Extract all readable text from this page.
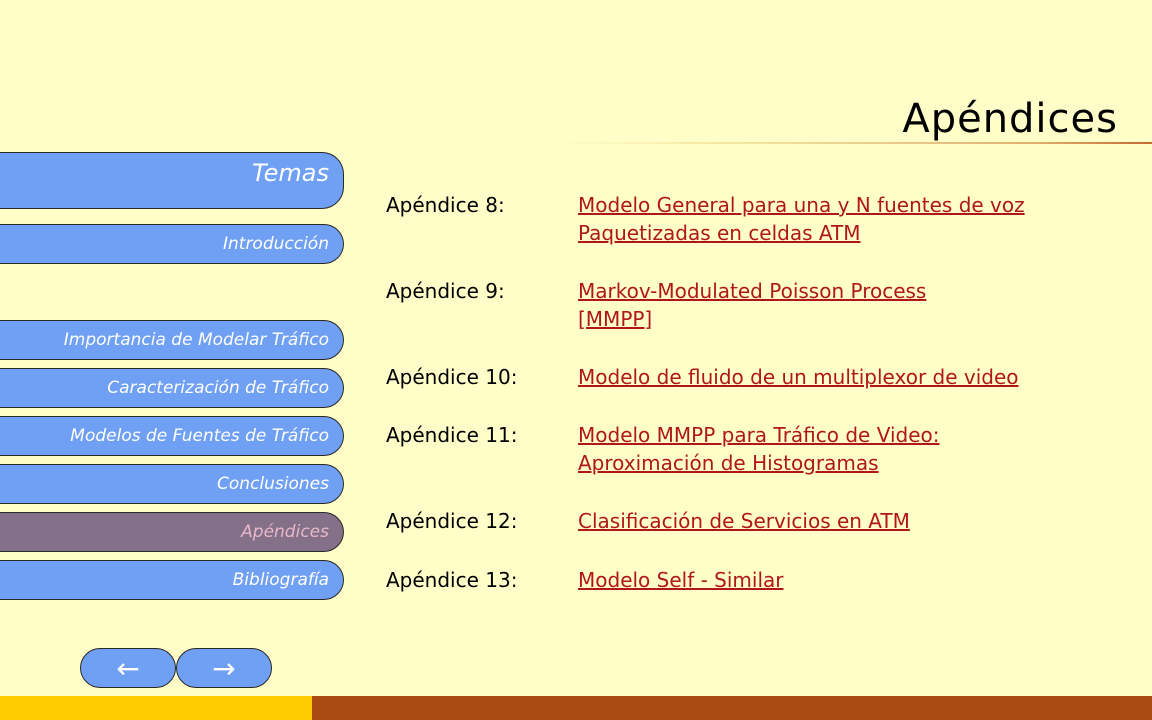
Apéndices
Temas
Introducción
Importancia de Modelar Tráfico
Caracterización de Tráfico
Modelos de Fuentes de Tráfico
Conclusiones
Apéndices
Bibliografía
Apéndice 8:	Modelo General para una y N fuentes de voz
Paquetizadas en celdas ATM
Apéndice 9:	Markov-Modulated Poisson Process
[MMPP]
Apéndice 10:	Modelo de fluido de un multiplexor de video
Apéndice 11:	Modelo MMPP para Tráfico de Video:
Aproximación de Histogramas
Apéndice 12:	Clasificación de Servicios en ATM
Apéndice 13:	Modelo Self - Similar
←	→
